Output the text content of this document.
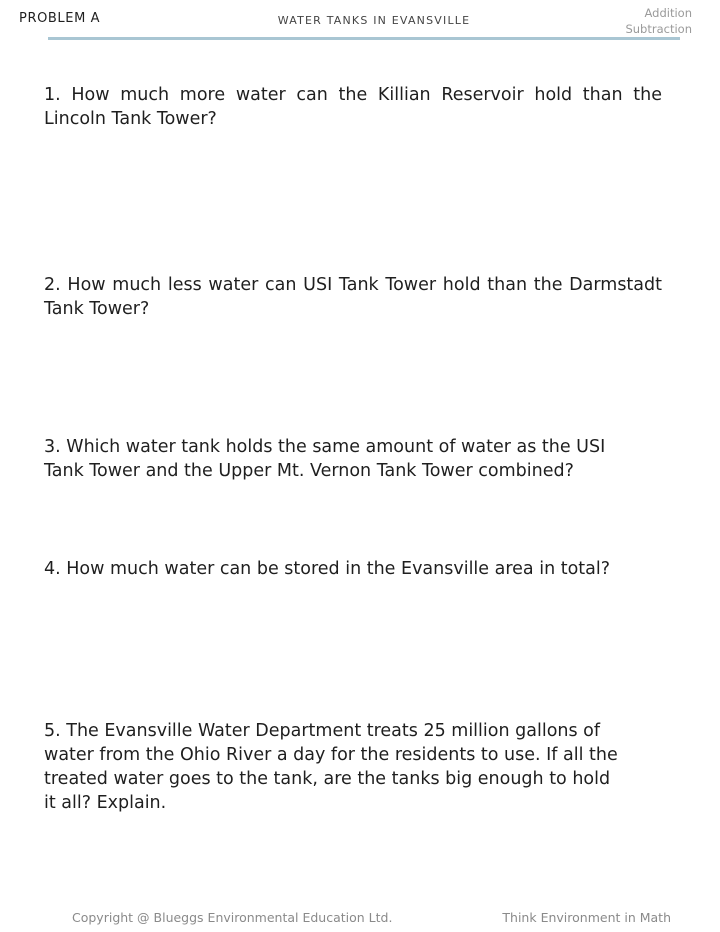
PROBLEM A	WATER TANKS IN EVANSVILLE
Addition
Subtraction

1. How much more water can the Killian Reservoir hold than the Lincoln Tank Tower?

2. How much less water can USI Tank Tower hold than the Darmstadt Tank Tower?

3. Which water tank holds the same amount of water as the USI Tank Tower and the Upper Mt. Vernon Tank Tower combined?

4. How much water can be stored in the Evansville area in total?

5. The Evansville Water Department treats 25 million gallons of water from the Ohio River a day for the residents to use. If all the treated water goes to the tank, are the tanks big enough to hold it all? Explain.

Copyright @ Blueggs Environmental Education Ltd.	Think Environment in Math
